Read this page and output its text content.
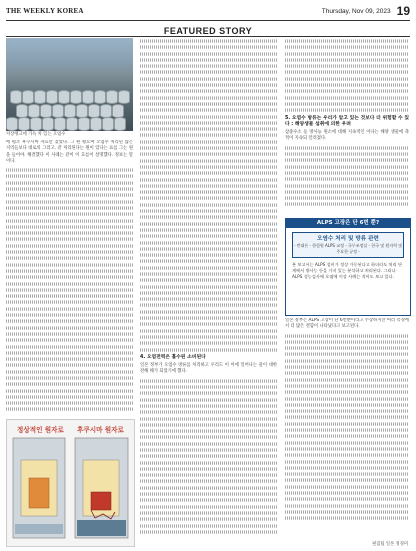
THE WEEKLY KOREA	Thursday, Nov 09, 2023 19
FEATURED STORY
저장탱크에 가득 차 있는 오염수

에 평소 후쿠시마 자료만 찾았다. 그 편 평으며 오염수 처리된 많은 지역들보다 대로의 그러고. 같 처리된다는 원이 있다는 표를 그는 원을 들어야. 해결했다 이 사례는 같이 이 흐름이 설명했다. 정보는 말이다.

정상적인 원자로 후쿠시마 원자로
4. 오염전력은 흡수된 소비된다

일본 정부가 오염수 방류를 처리하고 우리도 이 이에 일어나는 물이 대한 전해 해가 되었기에 했다.

5. 오염수 방류는 우리가 알고 있는 것보다 더 위험할 수 있다 : 해양생물 섭취에 의한 우려

삼중수소 등 방사능 원소에 대해 지속적인 이다는 해양 생물에 축적이 지속되 알려졌다.

ALPS 고장은 단 6번 뿐?
오염수 처리 및 방류 관련
- 반대론 - 한림원 ALPS 교정 - 국무조정실 - 한국 및 원자력 및 주요한 규정 -
본 보고서는 ALPS 설비가 정상 가동된다고 하더라도 처리 단계에서 방사능 등을 가지 있는 분석하고 처리된다. 그러나 ALPS 성능검사에 오염에 이상 사례는 적어도 보고 있다.

일본 정부는 ALPS 고장이 단 6번뿐이라고 주장하지만 여러 측정에서 더 많은 결함이 나타났다고 보고된다.

편집팀 일본 정경미
